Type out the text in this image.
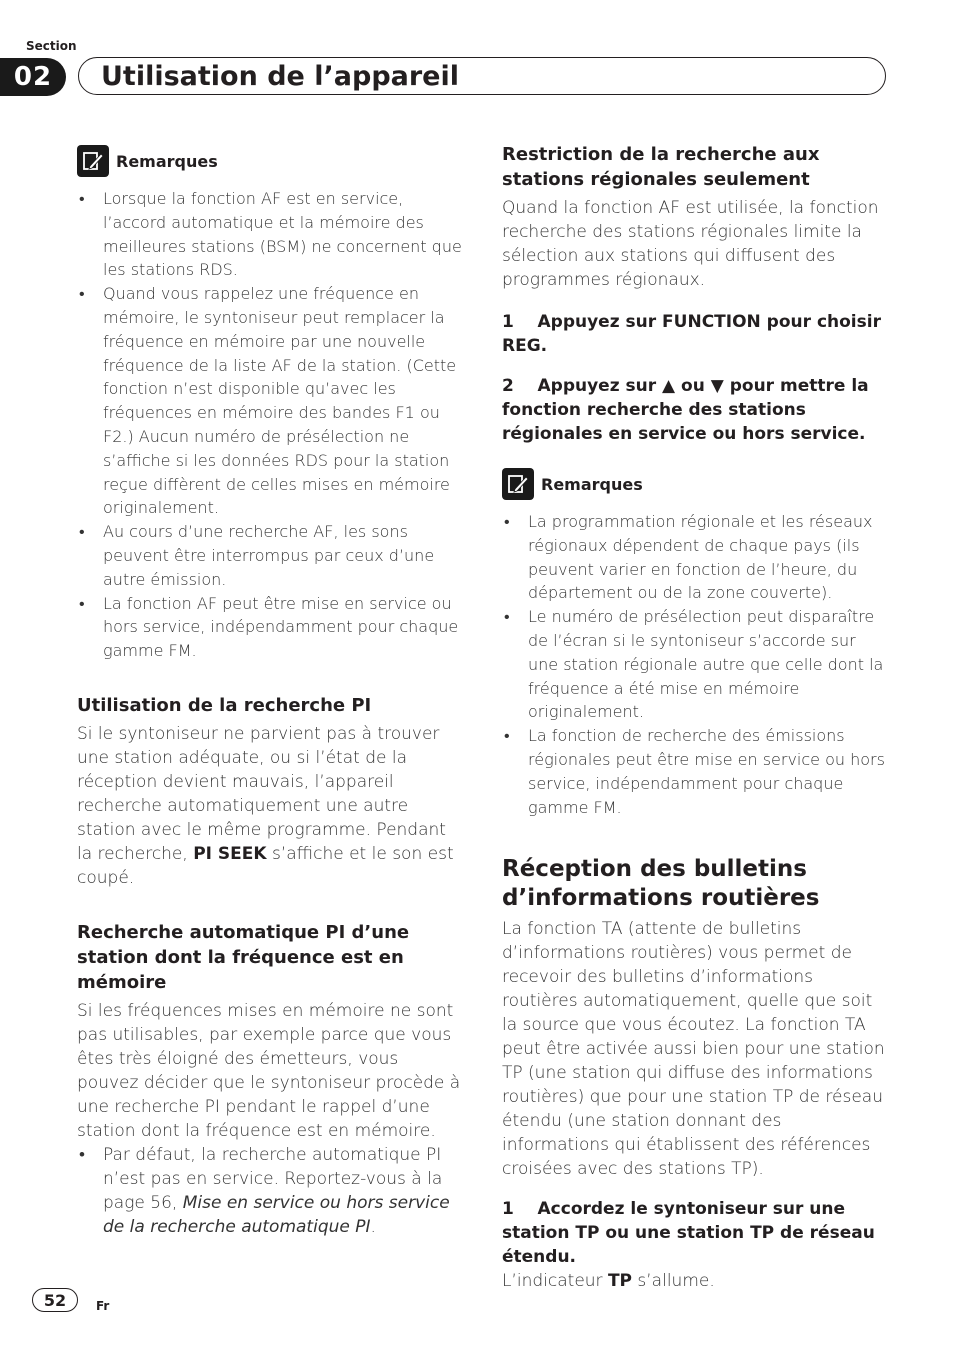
Section
02	Utilisation de l’appareil
Remarques
• Lorsque la fonction AF est en service, l’accord automatique et la mémoire des meilleures stations (BSM) ne concernent que les stations RDS.
• Quand vous rappelez une fréquence en mémoire, le syntoniseur peut remplacer la fréquence en mémoire par une nouvelle fréquence de la liste AF de la station. (Cette fonction n’est disponible qu’avec les fréquences en mémoire des bandes F1 ou F2.) Aucun numéro de présélection ne s’affiche si les données RDS pour la station reçue diffèrent de celles mises en mémoire originalement.
• Au cours d’une recherche AF, les sons peuvent être interrompus par ceux d’une autre émission.
• La fonction AF peut être mise en service ou hors service, indépendamment pour chaque gamme FM.
Utilisation de la recherche PI

Si le syntoniseur ne parvient pas à trouver une station adéquate, ou si l’état de la réception devient mauvais, l’appareil recherche automatiquement une autre station avec le même programme. Pendant la recherche, PI SEEK s’affiche et le son est coupé.

Recherche automatique PI d’une station dont la fréquence est en mémoire

Si les fréquences mises en mémoire ne sont pas utilisables, par exemple parce que vous êtes très éloigné des émetteurs, vous pouvez décider que le syntoniseur procède à une recherche PI pendant le rappel d’une station dont la fréquence est en mémoire.

• Par défaut, la recherche automatique PI n’est pas en service. Reportez-vous à la page 56, Mise en service ou hors service de la recherche automatique PI.
Restriction de la recherche aux stations régionales seulement

Quand la fonction AF est utilisée, la fonction recherche des stations régionales limite la sélection aux stations qui diffusent des programmes régionaux.

1    Appuyez sur FUNCTION pour choisir REG.

2    Appuyez sur ▲ ou ▼ pour mettre la fonction recherche des stations régionales en service ou hors service.

Remarques
• La programmation régionale et les réseaux régionaux dépendent de chaque pays (ils peuvent varier en fonction de l’heure, du département ou de la zone couverte).
• Le numéro de présélection peut disparaître de l’écran si le syntoniseur s’accorde sur une station régionale autre que celle dont la fréquence a été mise en mémoire originalement.
• La fonction de recherche des émissions régionales peut être mise en service ou hors service, indépendamment pour chaque gamme FM.
Réception des bulletins d’informations routières

La fonction TA (attente de bulletins d’informations routières) vous permet de recevoir des bulletins d’informations routières automatiquement, quelle que soit la source que vous écoutez. La fonction TA peut être activée aussi bien pour une station TP (une station qui diffuse des informations routières) que pour une station TP de réseau étendu (une station donnant des informations qui établissent des références croisées avec des stations TP).

1    Accordez le syntoniseur sur une station TP ou une station TP de réseau étendu.

L’indicateur TP s’allume.

52	Fr
